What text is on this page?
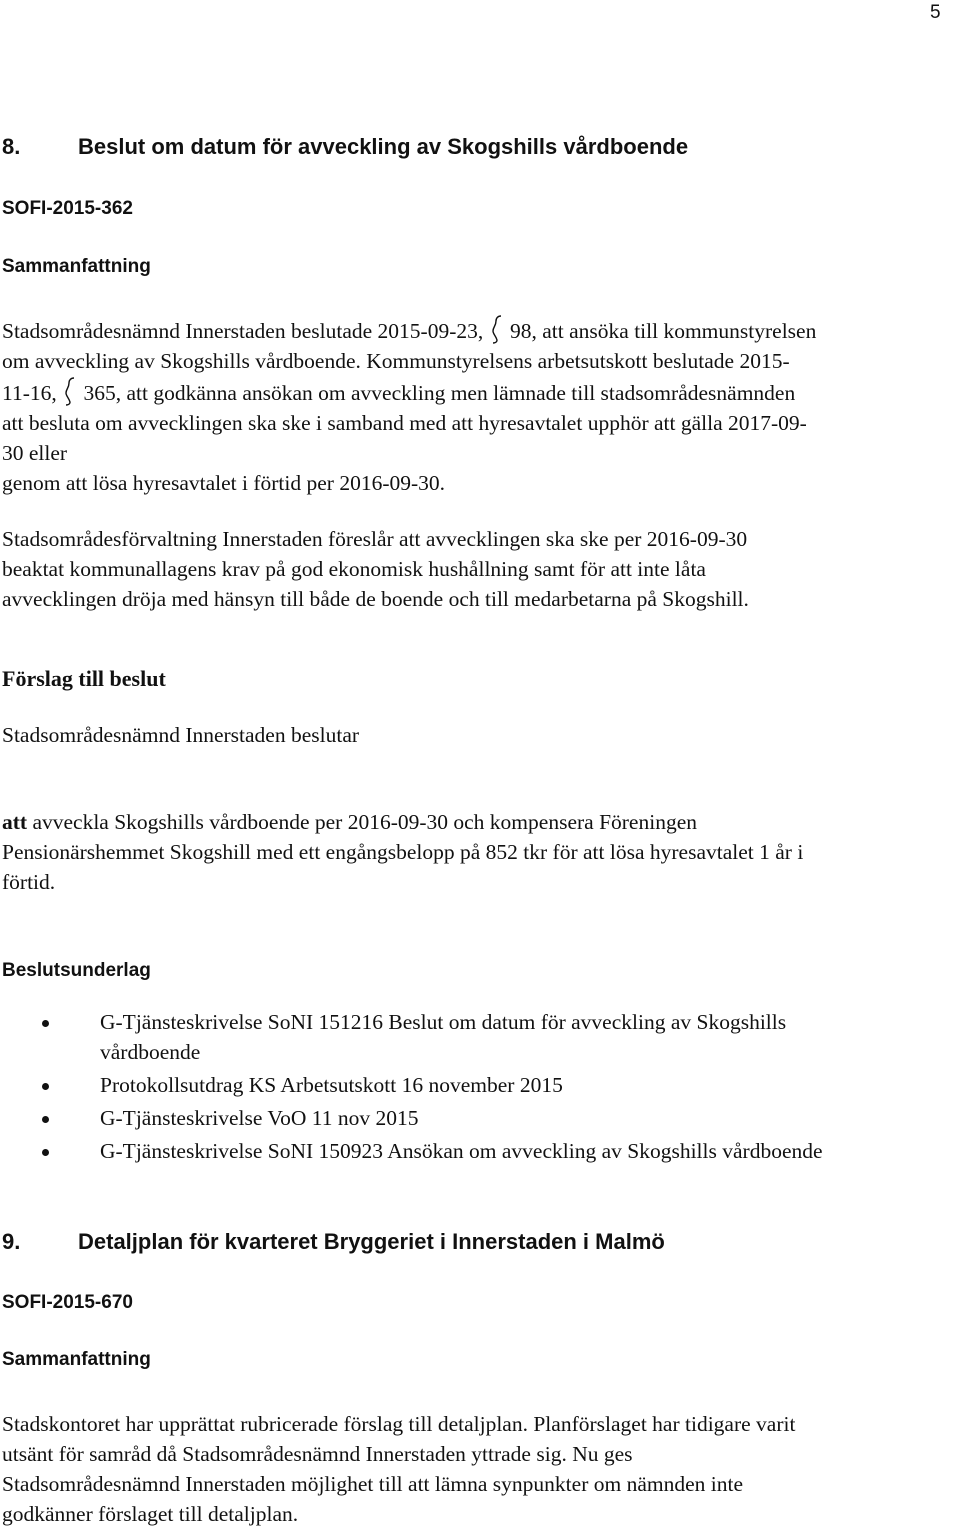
5
8.	Beslut om datum för avveckling av Skogshills vårdboende
SOFI-2015-362
Sammanfattning
Stadsområdesnämnd Innerstaden beslutade 2015-09-23, 98, att ansöka till kommunstyrelsen
om avveckling av Skogshills vårdboende. Kommunstyrelsens arbetsutskott beslutade 2015-
11-16, 365, att godkänna ansökan om avveckling men lämnade till stadsområdesnämnden
att besluta om avvecklingen ska ske i samband med att hyresavtalet upphör att gälla 2017-09-
30 eller
genom att lösa hyresavtalet i förtid per 2016-09-30.
Stadsområdesförvaltning Innerstaden föreslår att avvecklingen ska ske per 2016-09-30
beaktat kommunallagens krav på god ekonomisk hushållning samt för att inte låta
avvecklingen dröja med hänsyn till både de boende och till medarbetarna på Skogshill.
Förslag till beslut
Stadsområdesnämnd Innerstaden beslutar
att avveckla Skogshills vårdboende per 2016-09-30 och kompensera Föreningen
Pensionärshemmet Skogshill med ett engångsbelopp på 852 tkr för att lösa hyresavtalet 1 år i
förtid.
Beslutsunderlag
G-Tjänsteskrivelse SoNI 151216 Beslut om datum för avveckling av Skogshills
vårdboende
Protokollsutdrag KS Arbetsutskott 16 november 2015
G-Tjänsteskrivelse VoO 11 nov 2015
G-Tjänsteskrivelse SoNI 150923 Ansökan om avveckling av Skogshills vårdboende
9.	Detaljplan för kvarteret Bryggeriet i Innerstaden i Malmö
SOFI-2015-670
Sammanfattning
Stadskontoret har upprättat rubricerade förslag till detaljplan. Planförslaget har tidigare varit
utsänt för samråd då Stadsområdesnämnd Innerstaden yttrade sig. Nu ges
Stadsområdesnämnd Innerstaden möjlighet till att lämna synpunkter om nämnden inte
godkänner förslaget till detaljplan.
